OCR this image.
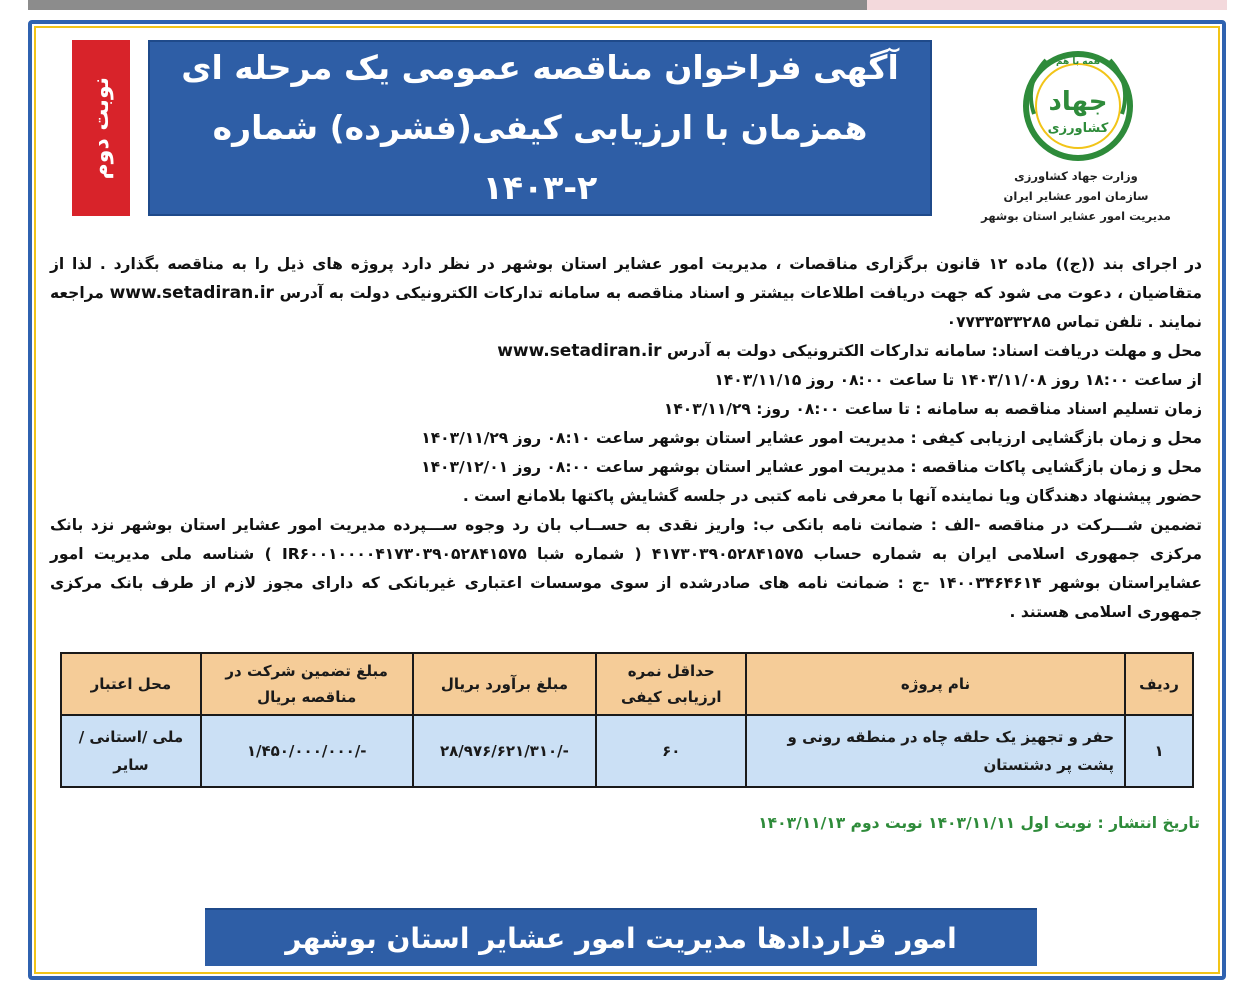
آگهی فراخوان مناقصه عمومی یک مرحله ای همزمان با ارزیابی کیفی(فشرده) شماره ۲-۱۴۰۳
نوبت دوم
همه با هم
جهاد
کشاورزی
وزارت جهاد کشاورزی
سازمان امور عشایر ایران
مدیریت امور عشایر استان بوشهر

در اجرای بند ((ج)) ماده ۱۲ قانون برگزاری مناقصات ، مدیریت امور عشایر استان بوشهر در نظر دارد پروژه های ذیل را به مناقصه بگذارد . لذا از متقاضیان ، دعوت می شود که جهت دریافت اطلاعات بیشتر و اسناد مناقصه به سامانه تدارکات الکترونیکی دولت به آدرس www.setadiran.ir مراجعه نمایند . تلفن تماس ۰۷۷۳۳۵۳۳۲۸۵

محل و مهلت دریافت اسناد: سامانه تدارکات الکترونیکی دولت به آدرس www.setadiran.ir

از ساعت ۱۸:۰۰ روز ۱۴۰۳/۱۱/۰۸ تا ساعت ۰۸:۰۰ روز ۱۴۰۳/۱۱/۱۵

زمان تسلیم اسناد مناقصه به سامانه : تا ساعت ۰۸:۰۰ روز: ۱۴۰۳/۱۱/۲۹

محل و زمان بازگشایی ارزیابی کیفی : مدیریت امور عشایر استان بوشهر ساعت ۰۸:۱۰ روز ۱۴۰۳/۱۱/۲۹

محل و زمان بازگشایی پاکات مناقصه : مدیریت امور عشایر استان بوشهر ساعت ۰۸:۰۰ روز ۱۴۰۳/۱۲/۰۱

حضور پیشنهاد دهندگان ویا نماینده آنها با معرفی نامه کتبی در جلسه گشایش پاکتها بلامانع است .

تضمین شـــرکت در مناقصه -الف : ضمانت نامه بانکی ب: واریز نقدی به حســاب بان رد وجوه ســـپرده مدیریت امور عشایر استان بوشهر نزد بانک مرکزی جمهوری اسلامی ایران به شماره حساب ۴۱۷۳۰۳۹۰۵۲۸۴۱۵۷۵ ( شماره شبا IR۶۰۰۱۰۰۰۰۴۱۷۳۰۳۹۰۵۲۸۴۱۵۷۵ ) شناسه ملی مدیریت امور عشایراستان بوشهر ۱۴۰۰۳۴۶۴۶۱۴ -ج : ضمانت نامه های صادرشده از سوی موسسات اعتباری غیربانکی که دارای مجوز لازم از طرف بانک مرکزی جمهوری اسلامی هستند .

ردیف	نام پروژه	حداقل نمره ارزیابی کیفی	مبلغ برآورد بریال	مبلغ تضمین شرکت در مناقصه بریال	محل اعتبار
۱	حفر و تجهیز یک حلقه چاه در منطقه رونی و پشت پر دشتستان	۶۰	-/۲۸/۹۷۶/۶۲۱/۳۱۰	-/۱/۴۵۰/۰۰۰/۰۰۰	ملی /استانی / سایر
تاریخ انتشار : نوبت اول ۱۴۰۳/۱۱/۱۱ نوبت دوم ۱۴۰۳/۱۱/۱۳
امور قراردادها مدیریت امور عشایر استان بوشهر
